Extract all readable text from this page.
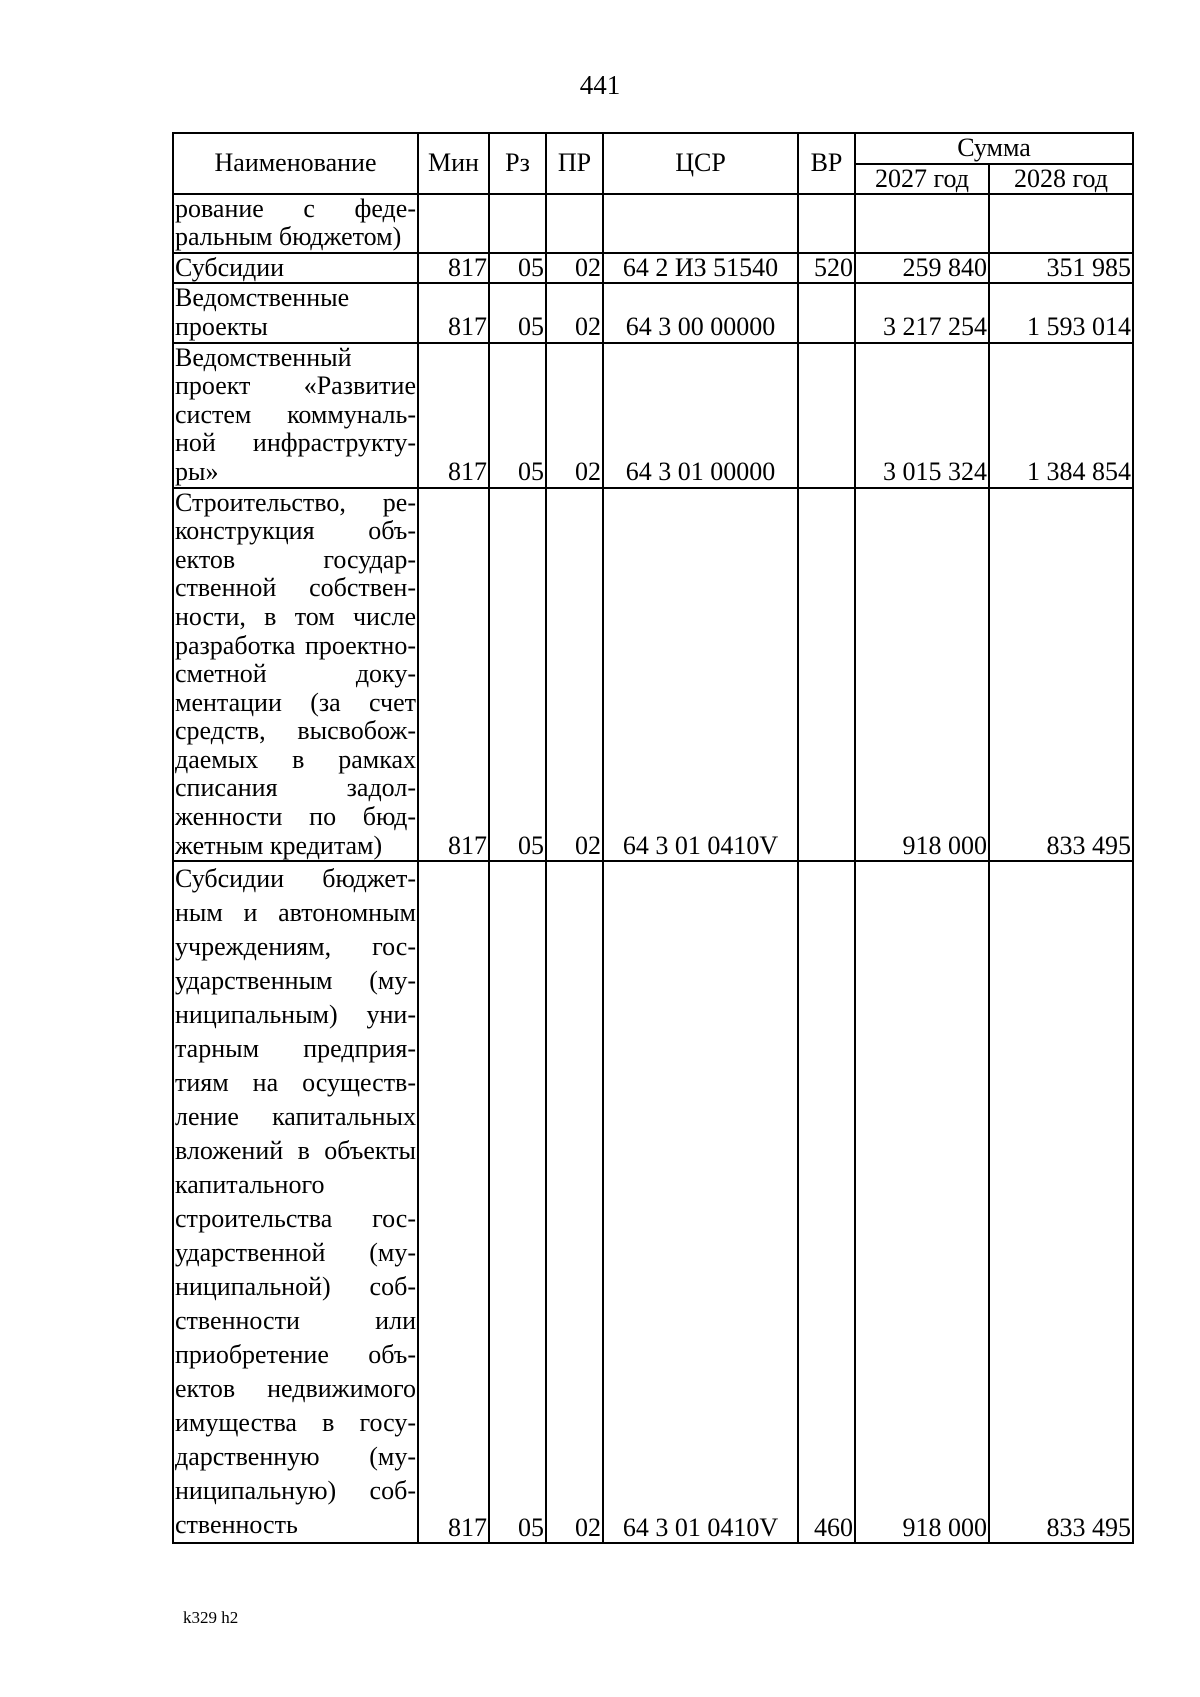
441
Наименование	Мин	Рз	ПР	ЦСР	ВР	Сумма	
						2027 год	2028 год
рование с федеральным бюджетом)							
Субсидии	817	05	02	64 2 ИЗ 51540	520	259 840	351 985
Ведомственные проекты	817	05	02	64 3 00 00000		3 217 254	1 593 014
Ведомственный проект «Развитие систем коммунальной инфраструктуры»	817	05	02	64 3 01 00000		3 015 324	1 384 854
Строительство, реконструкция объектов государственной собственности, в том числе разработка проектно-сметной документации (за счет средств, высвобождаемых в рамках списания задолженности по бюджетным кредитам)	817	05	02	64 3 01 0410V		918 000	833 495
Субсидии бюджетным и автономным учреждениям, государственным (муниципальным) унитарным предприятиям на осуществление капитальных вложений в объекты капитального строительства государственной (муниципальной) собственности или приобретение объектов недвижимого имущества в государственную (муниципальную) собственность	817	05	02	64 3 01 0410V	460	918 000	833 495
k329 h2
